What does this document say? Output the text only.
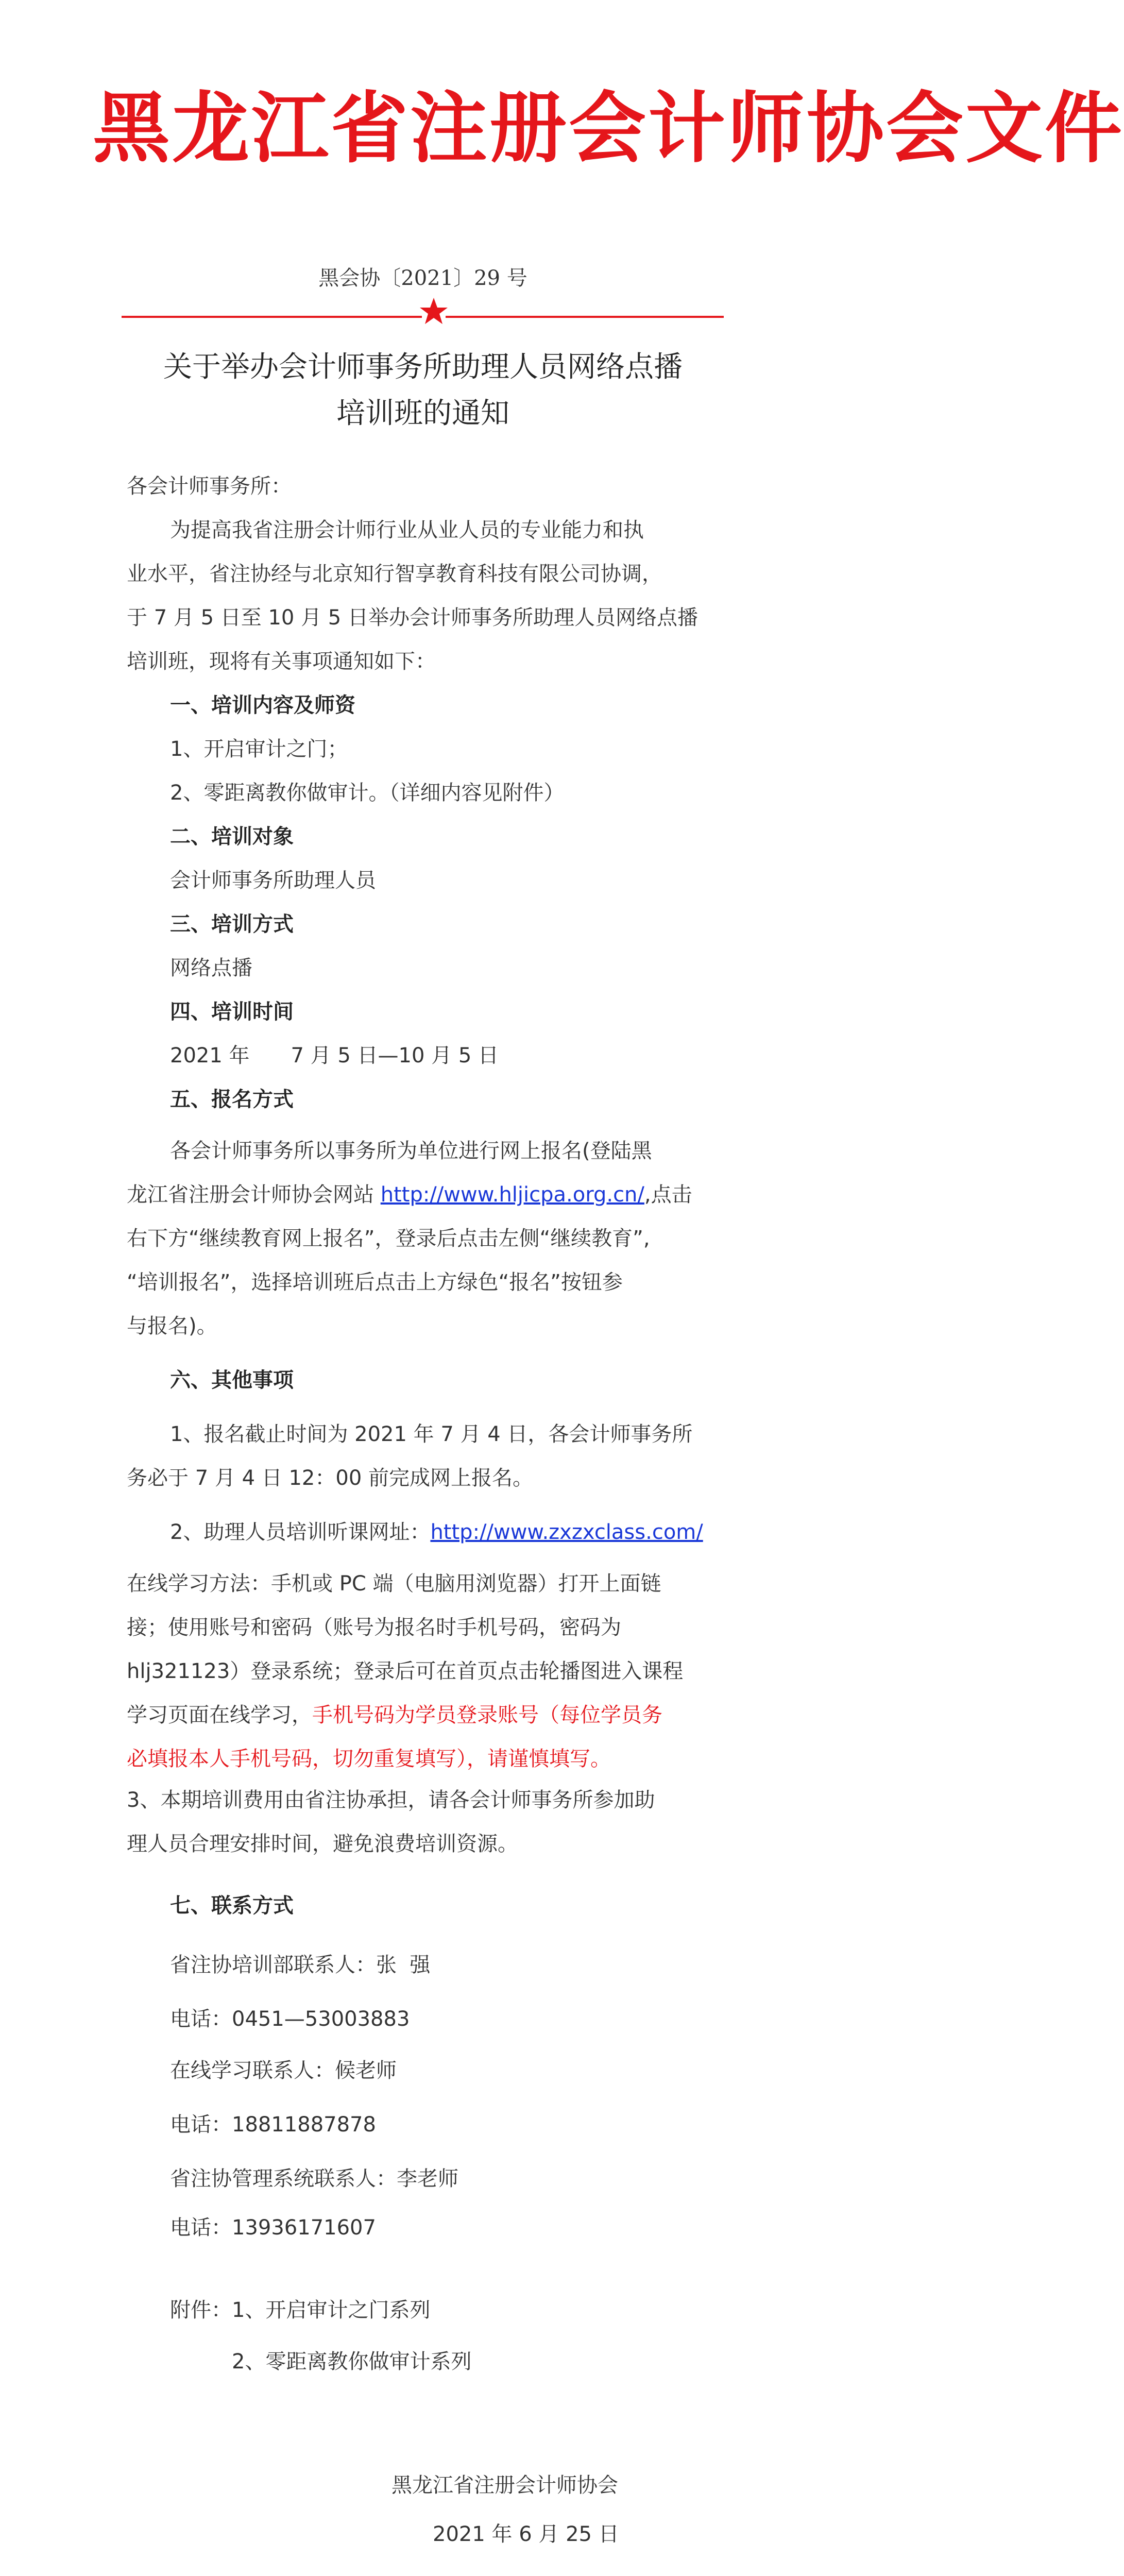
黑龙江省注册会计师协会文件
黑会协〔2021〕29 号
关于举办会计师事务所助理人员网络点播
培训班的通知
各会计师事务所：
为提高我省注册会计师行业从业人员的专业能力和执
业水平，省注协经与北京知行智享教育科技有限公司协调，
于 7 月 5 日至 10 月 5 日举办会计师事务所助理人员网络点播
培训班，现将有关事项通知如下：
一、培训内容及师资
1、开启审计之门；
2、零距离教你做审计。（详细内容见附件）
二、培训对象
会计师事务所助理人员
三、培训方式
网络点播
四、培训时间
2021 年　　7 月 5 日—10 月 5 日
五、报名方式
各会计师事务所以事务所为单位进行网上报名(登陆黑
龙江省注册会计师协会网站 http://www.hljicpa.org.cn/,点击
右下方“继续教育网上报名”，登录后点击左侧“继续教育”,
“培训报名”，选择培训班后点击上方绿色“报名”按钮参
与报名)。
六、其他事项
1、报名截止时间为 2021 年 7 月 4 日，各会计师事务所
务必于 7 月 4 日 12：00 前完成网上报名。
2、助理人员培训听课网址：http://www.zxzxclass.com/
在线学习方法：手机或 PC 端（电脑用浏览器）打开上面链
接；使用账号和密码（账号为报名时手机号码，密码为
hlj321123）登录系统；登录后可在首页点击轮播图进入课程
学习页面在线学习，手机号码为学员登录账号（每位学员务
必填报本人手机号码，切勿重复填写），请谨慎填写。
3、本期培训费用由省注协承担，请各会计师事务所参加助
理人员合理安排时间，避免浪费培训资源。
七、联系方式
省注协培训部联系人：张  强
电话：0451—53003883
在线学习联系人：候老师
电话：18811887878
省注协管理系统联系人：李老师
电话：13936171607
附件：1、开启审计之门系列
2、零距离教你做审计系列
黑龙江省注册会计师协会
2021 年 6 月 25 日
